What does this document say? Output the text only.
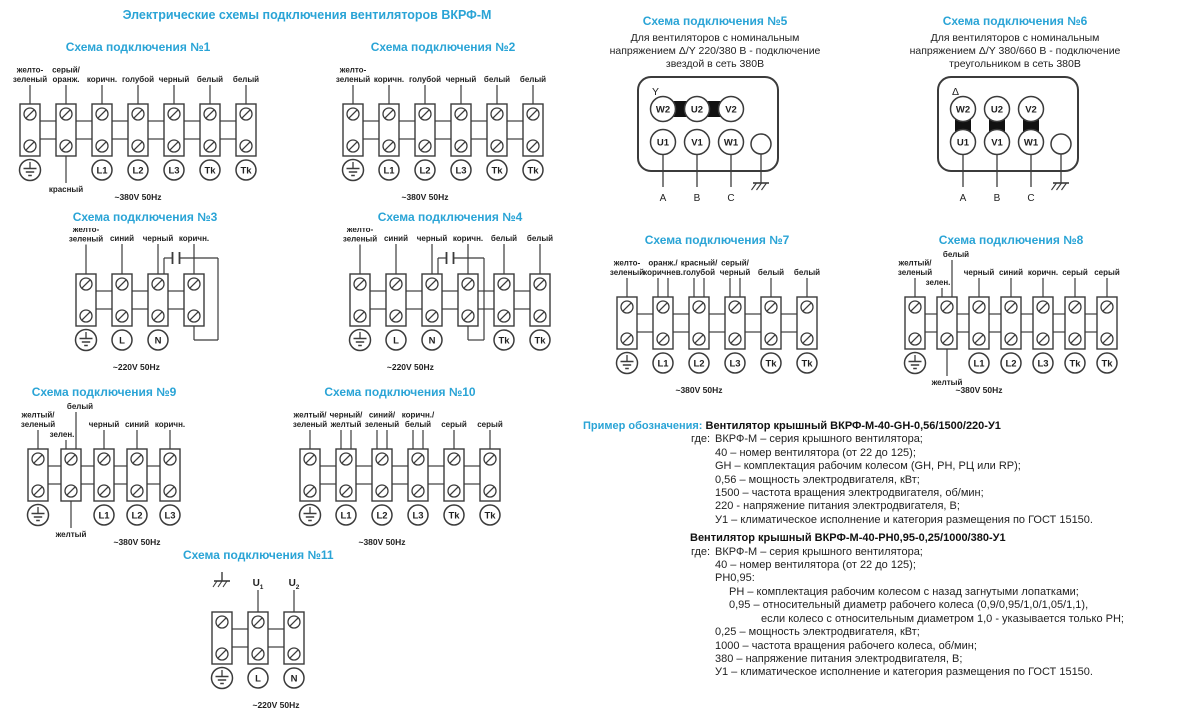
Электрические схемы подключения вентиляторов ВКРФ-М
Схема подключения №1
желто-
зеленый
серый/
оранж.
красный
коричн.
L1
голубой
L2
черный
L3
белый
Tk
белый
Tk
~380V 50Hz
Схема подключения №2
желто-
зеленый коричн.
L1
голубой
L2
черный
L3
белый
Tk
белый
Tk
~380V 50Hz
Схема подключения №3
желто-
зеленый синий
L
черный
N
коричн.
~220V 50Hz
Схема подключения №4
желто-
зеленый синий
L
черный
N
коричн. белый
Tk
белый
Tk
~220V 50Hz
Схема подключения №5
Для вентиляторов с номинальным
напряжением Δ/Y 220/380 В - подключение
звездой в сеть 380В
Y
W2 U2 V2
U1 V1 W1
A	B	C
Схема подключения №6
Для вентиляторов с номинальным
напряжением Δ/Y 380/660 В - подключение
треугольником в сеть 380В
Δ
W2 U2 V2
U1 V1 W1
A	B	C
Схема подключения №7
желто-
зеленый
оранж./
коричнев.
L1
красный/
голубой
L2
серый/
черный
L3
белый
Tk
белый
Tk
~380V 50Hz
Схема подключения №8
желтый/
зеленый
белый
зелен.
желтый
черный
L1
синий
L2
коричн.
L3
серый
Tk
серый
Tk
~380V 50Hz
Схема подключения №9
желтый/
зеленый
белый
зелен.
желтый
черный
L1
синий
L2
коричн.
L3
~380V 50Hz
Схема подключения №10
желтый/
зеленый
черный/
желтый
L1
синий/
зеленый
L2
коричн./
белый
L3
серый
Tk
серый
Tk
~380V 50Hz
Схема подключения №11
$U_1$
L
$U_2$
N
~220V 50Hz
Пример обозначения: Вентилятор крышный ВКРФ-М-40-GH-0,56/1500/220-У1
где: ВКРФ-М – серия крышного вентилятора;
40 – номер вентилятора (от 22 до 125);
GH – комплектация рабочим колесом (GH, PH, РЦ или RP);
0,56 – мощность электродвигателя, кВт;
1500 – частота вращения электродвигателя, об/мин;
220 - напряжение питания электродвигателя, В;
У1 – климатическое исполнение и категория размещения по ГОСТ 15150.
Вентилятор крышный ВКРФ-М-40-PH0,95-0,25/1000/380-У1
где: ВКРФ-М – серия крышного вентилятора;
40 – номер вентилятора (от 22 до 125);
PH0,95:
PH – комплектация рабочим колесом с назад загнутыми лопатками;
0,95 – относительный диаметр рабочего колеса (0,9/0,95/1,0/1,05/1,1),
если колесо с относительным диаметром 1,0 - указывается только PH;
0,25 – мощность электродвигателя, кВт;
1000 – частота вращения рабочего колеса, об/мин;
380 – напряжение питания электродвигателя, В;
У1 – климатическое исполнение и категория размещения по ГОСТ 15150.
